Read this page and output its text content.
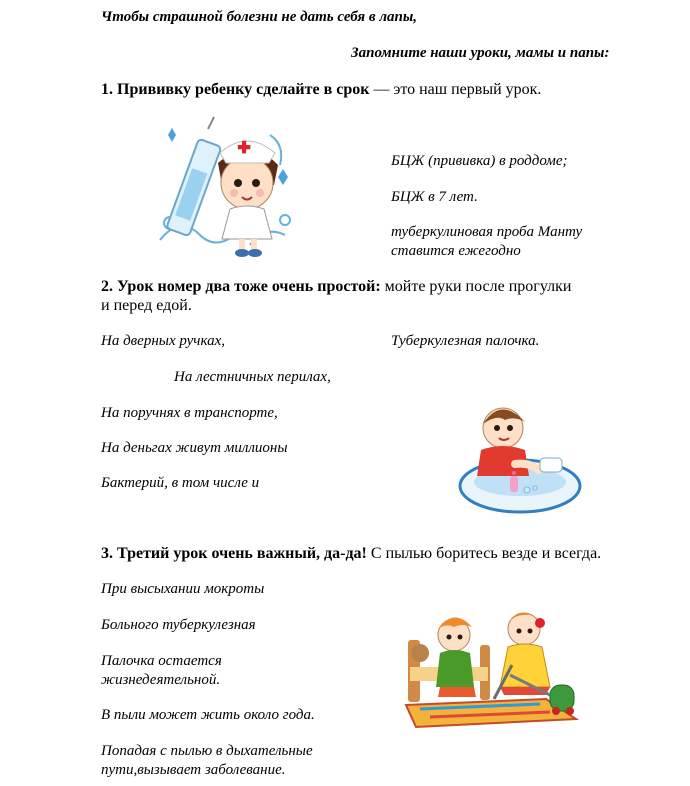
Чтобы страшной болезни не дать себя в лапы,
Запомните наши уроки, мамы и папы:
1. Прививку ребенку сделайте в срок — это наш первый урок.
БЦЖ (прививка) в роддоме;
БЦЖ в 7 лет.
туберкулиновая проба Манту
ставится ежегодно
2. Урок номер два тоже очень простой: мойте руки после прогулки
и перед едой.
На дверных ручках,	Туберкулезная палочка.
На лестничных перилах,
На поручнях в транспорте,
На деньгах живут миллионы
Бактерий, в том числе и
3. Третий урок очень важный, да-да! С пылью боритесь везде и всегда.
При высыхании мокроты
Больного туберкулезная
Палочка остается
жизнедеятельной.
В пыли может жить около года.
Попадая с пылью в дыхательные
пути,вызывает заболевание.
